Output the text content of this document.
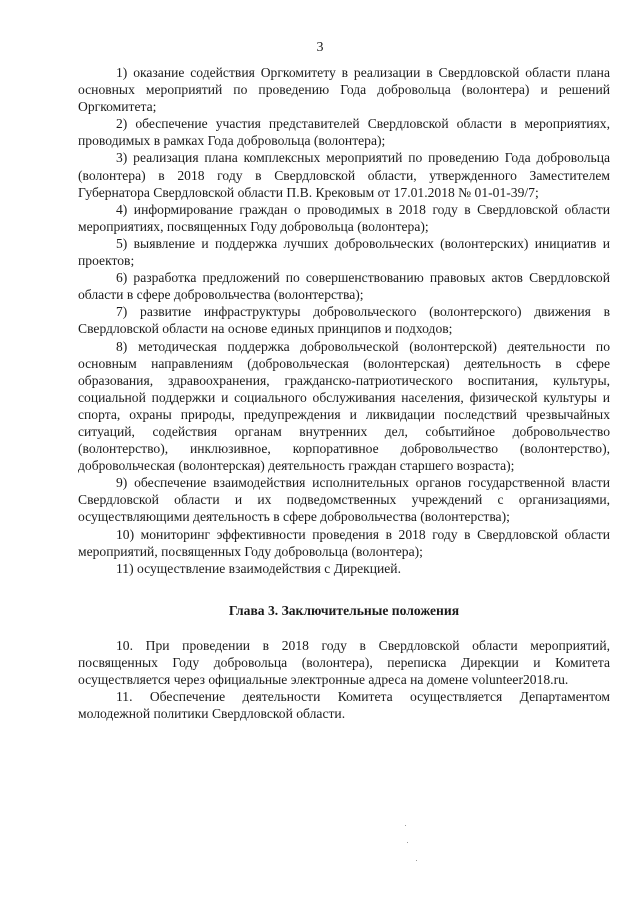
3

1) оказание содействия Оргкомитету в реализации в Свердловской области плана основных мероприятий по проведению Года добровольца (волонтера) и решений Оргкомитета;

2) обеспечение участия представителей Свердловской области в мероприятиях, проводимых в рамках Года добровольца (волонтера);

3) реализация плана комплексных мероприятий по проведению Года добровольца (волонтера) в 2018 году в Свердловской области, утвержденного Заместителем Губернатора Свердловской области П.В. Крековым от 17.01.2018 № 01-01-39/7;

4) информирование граждан о проводимых в 2018 году в Свердловской области мероприятиях, посвященных Году добровольца (волонтера);

5) выявление и поддержка лучших добровольческих (волонтерских) инициатив и проектов;

6) разработка предложений по совершенствованию правовых актов Свердловской области в сфере добровольчества (волонтерства);

7) развитие инфраструктуры добровольческого (волонтерского) движения в Свердловской области на основе единых принципов и подходов;

8) методическая поддержка добровольческой (волонтерской) деятельности по основным направлениям (добровольческая (волонтерская) деятельность в сфере образования, здравоохранения, гражданско-патриотического воспитания, культуры, социальной поддержки и социального обслуживания населения, физической культуры и спорта, охраны природы, предупреждения и ликвидации последствий чрезвычайных ситуаций, содействия органам внутренних дел, событийное добровольчество (волонтерство), инклюзивное, корпоративное добровольчество (волонтерство), добровольческая (волонтерская) деятельность граждан старшего возраста);

9) обеспечение взаимодействия исполнительных органов государственной власти Свердловской области и их подведомственных учреждений с организациями, осуществляющими деятельность в сфере добровольчества (волонтерства);

10) мониторинг эффективности проведения в 2018 году в Свердловской области мероприятий, посвященных Году добровольца (волонтера);

11) осуществление взаимодействия с Дирекцией.

Глава 3. Заключительные положения

10. При проведении в 2018 году в Свердловской области мероприятий, посвященных Году добровольца (волонтера), переписка Дирекции и Комитета осуществляется через официальные электронные адреса на домене volunteer2018.ru.

11. Обеспечение деятельности Комитета осуществляется Департаментом молодежной политики Свердловской области.
